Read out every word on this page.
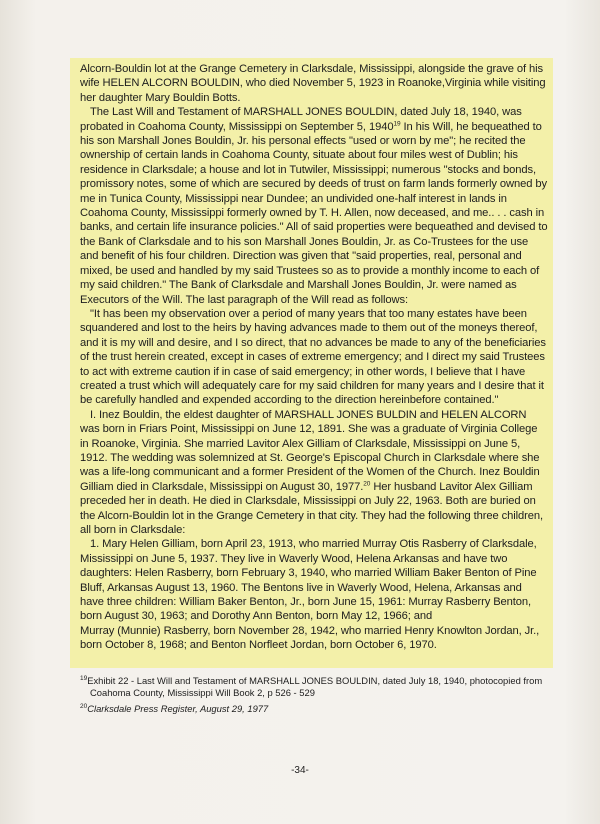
Alcorn-Bouldin lot at the Grange Cemetery in Clarksdale, Mississippi, alongside the grave of his wife HELEN ALCORN BOULDIN, who died November 5, 1923 in Roanoke,Virginia while visiting her daughter Mary Bouldin Botts.

The Last Will and Testament of MARSHALL JONES BOULDIN, dated July 18, 1940, was probated in Coahoma County, Mississippi on September 5, 1940$^{19}$ In his Will, he bequeathed to his son Marshall Jones Bouldin, Jr. his personal effects "used or worn by me"; he recited the ownership of certain lands in Coahoma County, situate about four miles west of Dublin; his residence in Clarksdale; a house and lot in Tutwiler, Mississippi; numerous "stocks and bonds, promissory notes, some of which are secured by deeds of trust on farm lands formerly owned by me in Tunica County, Mississippi near Dundee; an undivided one-half interest in lands in Coahoma County, Mississippi formerly owned by T. H. Allen, now deceased, and me.. . . cash in banks, and certain life insurance policies." All of said properties were bequeathed and devised to the Bank of Clarksdale and to his son Marshall Jones Bouldin, Jr. as Co-Trustees for the use and benefit of his four children. Direction was given that "said properties, real, personal and mixed, be used and handled by my said Trustees so as to provide a monthly income to each of my said children." The Bank of Clarksdale and Marshall Jones Bouldin, Jr. were named as Executors of the Will. The last paragraph of the Will read as follows:

"It has been my observation over a period of many years that too many estates have been squandered and lost to the heirs by having advances made to them out of the moneys thereof, and it is my will and desire, and I so direct, that no advances be made to any of the beneficiaries of the trust herein created, except in cases of extreme emergency; and I direct my said Trustees to act with extreme caution if in case of said emergency; in other words, I believe that I have created a trust which will adequately care for my said children for many years and I desire that it be carefully handled and expended according to the direction hereinbefore contained."

I. Inez Bouldin, the eldest daughter of MARSHALL JONES BULDIN and HELEN ALCORN was born in Friars Point, Mississippi on June 12, 1891. She was a graduate of Virginia College in Roanoke, Virginia. She married Lavitor Alex Gilliam of Clarksdale, Mississippi on June 5, 1912. The wedding was solemnized at St. George's Episcopal Church in Clarksdale where she was a life-long communicant and a former President of the Women of the Church. Inez Bouldin Gilliam died in Clarksdale, Mississippi on August 30, 1977.20 Her husband Lavitor Alex Gilliam preceded her in death. He died in Clarksdale, Mississippi on July 22, 1963. Both are buried on the Alcorn-Bouldin lot in the Grange Cemetery in that city. They had the following three children, all born in Clarksdale:

1. Mary Helen Gilliam, born April 23, 1913, who married Murray Otis Rasberry of Clarksdale, Mississippi on June 5, 1937. They live in Waverly Wood, Helena Arkansas and have two daughters: Helen Rasberry, born February 3, 1940, who married William Baker Benton of Pine Bluff, Arkansas August 13, 1960. The Bentons live in Waverly Wood, Helena, Arkansas and have three children: William Baker Benton, Jr., born June 15, 1961: Murray Rasberry Benton, born August 30, 1963; and Dorothy Ann Benton, born May 12, 1966; and

Murray (Munnie) Rasberry, born November 28, 1942, who married Henry Knowlton Jordan, Jr., born October 8, 1968; and Benton Norfleet Jordan, born October 6, 1970.

$^{19}$Exhibit 22 - Last Will and Testament of MARSHALL JONES BOULDIN, dated July 18, 1940, photocopied from Coahoma County, Mississippi Will Book 2, p 526 - 529

$^{20}$Clarksdale Press Register, August 29, 1977

-34-
